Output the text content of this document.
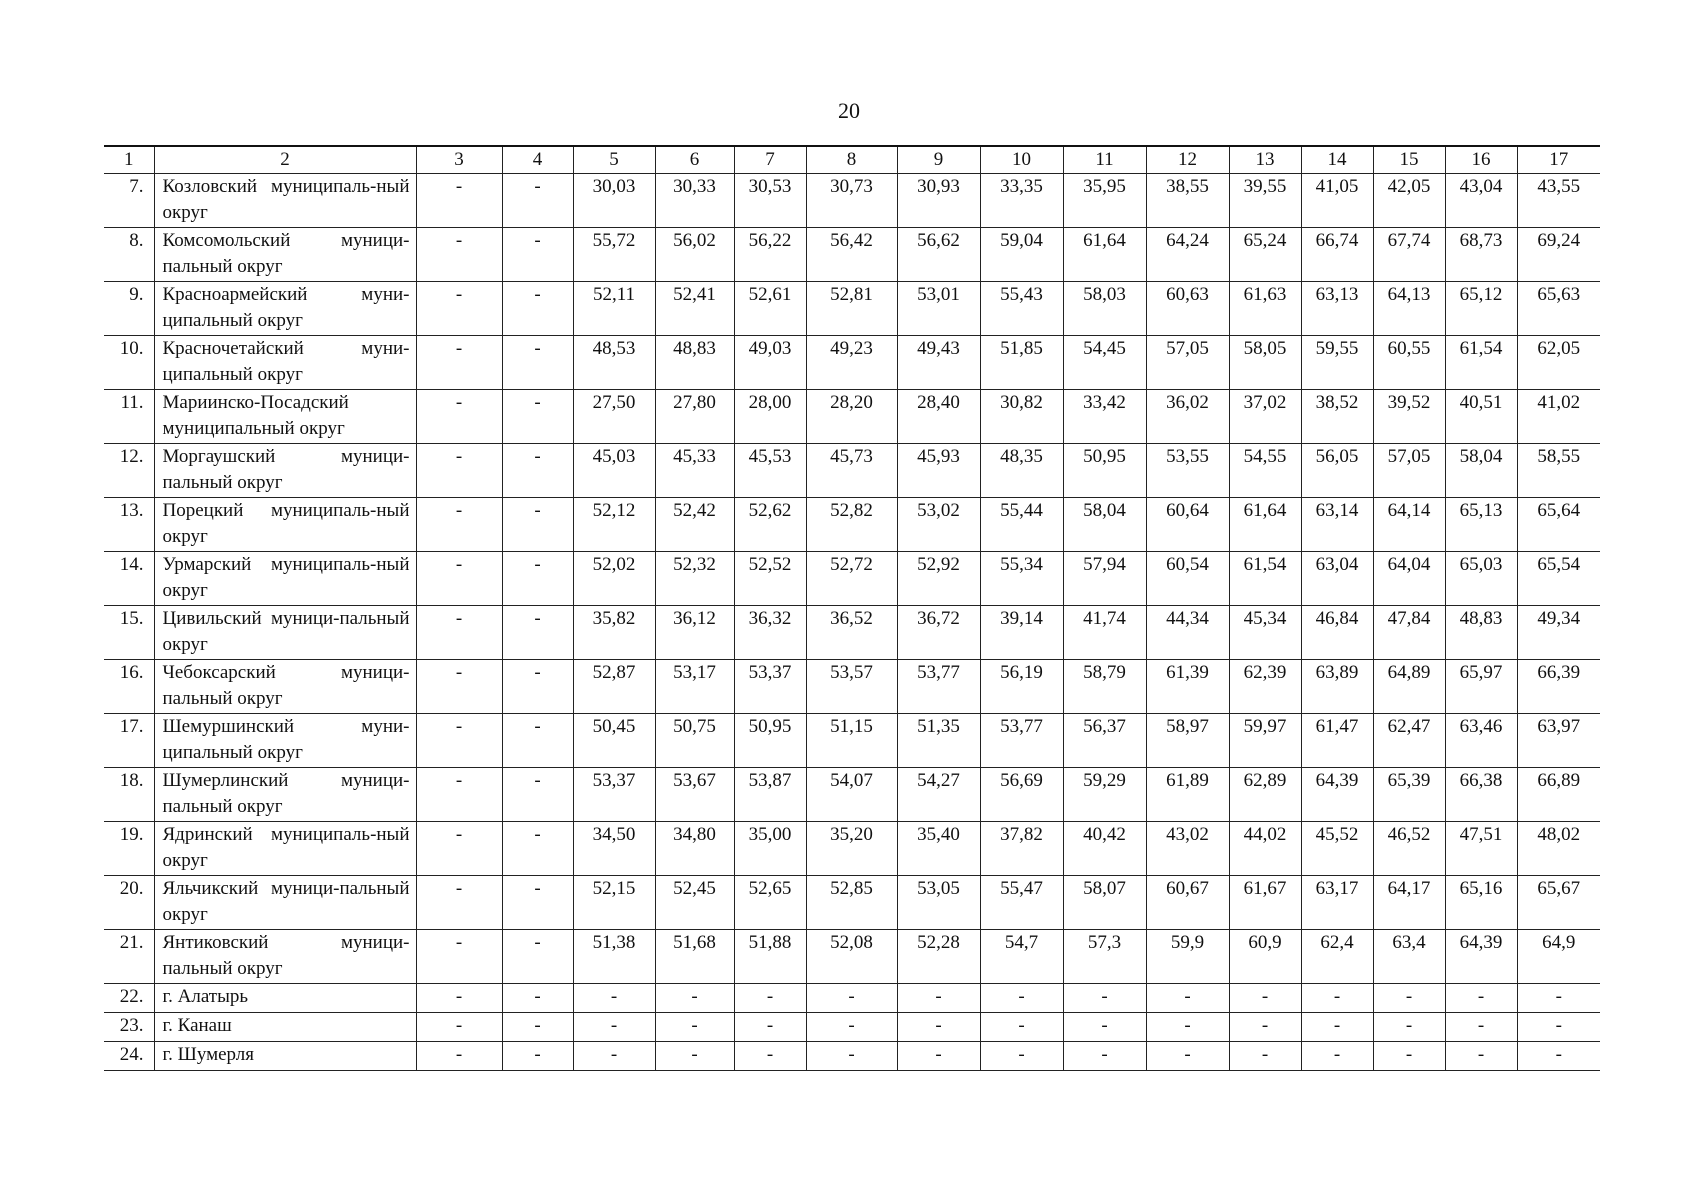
20
1	2	3	4	5	6	7	8	9	10	11	12	13	14	15	16	17
7.	Козловский муниципаль-ный округ	-	-	30,03	30,33	30,53	30,73	30,93	33,35	35,95	38,55	39,55	41,05	42,05	43,04	43,55
8.	Комсомольский муници-пальный округ	-	-	55,72	56,02	56,22	56,42	56,62	59,04	61,64	64,24	65,24	66,74	67,74	68,73	69,24
9.	Красноармейский муни-ципальный округ	-	-	52,11	52,41	52,61	52,81	53,01	55,43	58,03	60,63	61,63	63,13	64,13	65,12	65,63
10.	Красночетайский муни-ципальный округ	-	-	48,53	48,83	49,03	49,23	49,43	51,85	54,45	57,05	58,05	59,55	60,55	61,54	62,05
11.	Мариинско-Посадский муниципальный округ	-	-	27,50	27,80	28,00	28,20	28,40	30,82	33,42	36,02	37,02	38,52	39,52	40,51	41,02
12.	Моргаушский муници-пальный округ	-	-	45,03	45,33	45,53	45,73	45,93	48,35	50,95	53,55	54,55	56,05	57,05	58,04	58,55
13.	Порецкий муниципаль-ный округ	-	-	52,12	52,42	52,62	52,82	53,02	55,44	58,04	60,64	61,64	63,14	64,14	65,13	65,64
14.	Урмарский муниципаль-ный округ	-	-	52,02	52,32	52,52	52,72	52,92	55,34	57,94	60,54	61,54	63,04	64,04	65,03	65,54
15.	Цивильский муници-пальный округ	-	-	35,82	36,12	36,32	36,52	36,72	39,14	41,74	44,34	45,34	46,84	47,84	48,83	49,34
16.	Чебоксарский муници-пальный округ	-	-	52,87	53,17	53,37	53,57	53,77	56,19	58,79	61,39	62,39	63,89	64,89	65,97	66,39
17.	Шемуршинский муни-ципальный округ	-	-	50,45	50,75	50,95	51,15	51,35	53,77	56,37	58,97	59,97	61,47	62,47	63,46	63,97
18.	Шумерлинский муници-пальный округ	-	-	53,37	53,67	53,87	54,07	54,27	56,69	59,29	61,89	62,89	64,39	65,39	66,38	66,89
19.	Ядринский муниципаль-ный округ	-	-	34,50	34,80	35,00	35,20	35,40	37,82	40,42	43,02	44,02	45,52	46,52	47,51	48,02
20.	Яльчикский муници-пальный округ	-	-	52,15	52,45	52,65	52,85	53,05	55,47	58,07	60,67	61,67	63,17	64,17	65,16	65,67
21.	Янтиковский муници-пальный округ	-	-	51,38	51,68	51,88	52,08	52,28	54,7	57,3	59,9	60,9	62,4	63,4	64,39	64,9
22.	г. Алатырь	-	-	-	-	-	-	-	-	-	-	-	-	-	-	-
23.	г. Канаш	-	-	-	-	-	-	-	-	-	-	-	-	-	-	-
24.	г. Шумерля	-	-	-	-	-	-	-	-	-	-	-	-	-	-	-
